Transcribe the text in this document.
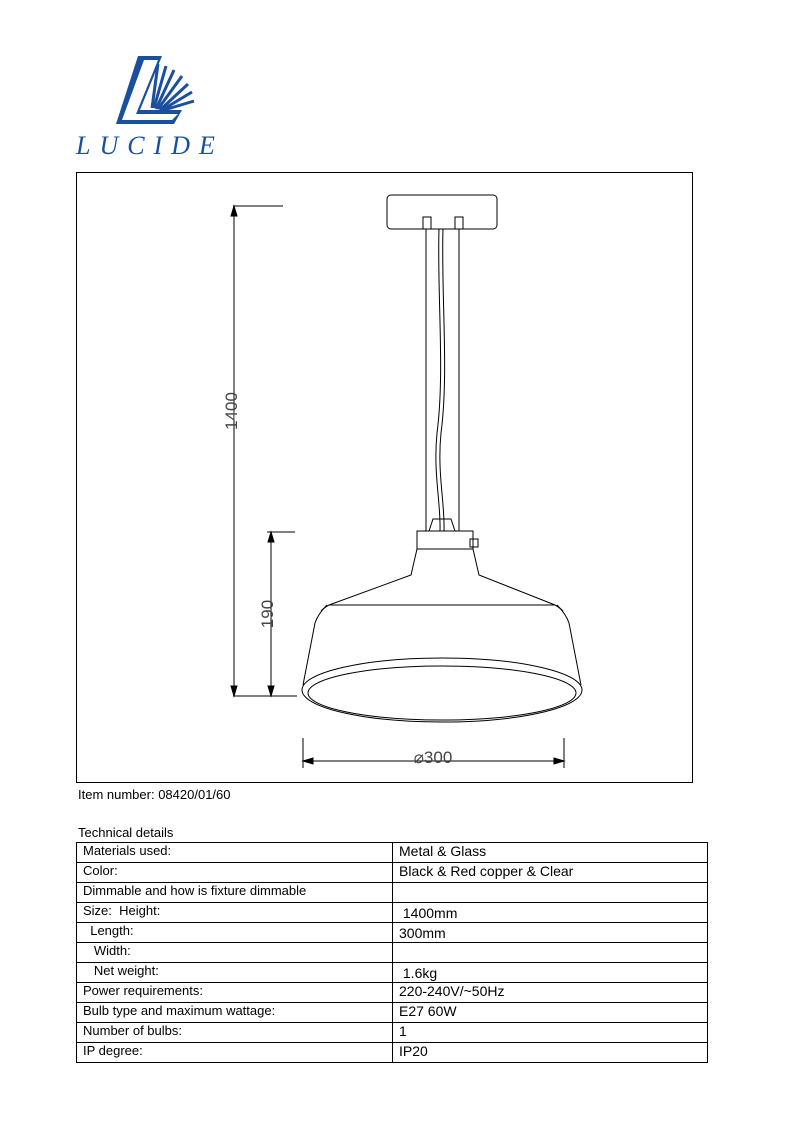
LUCIDE
1400
190
⌀300
Item number: 08420/01/60
Technical details
Materials used:	Metal & Glass
Color:	Black & Red copper & Clear
Dimmable and how is fixture dimmable	
Size:  Height:	1400mm
Length:	300mm
Width:	
Net weight:	1.6kg
Power requirements:	220-240V/~50Hz
Bulb type and maximum wattage:	E27 60W
Number of bulbs:	1
IP degree:	IP20
